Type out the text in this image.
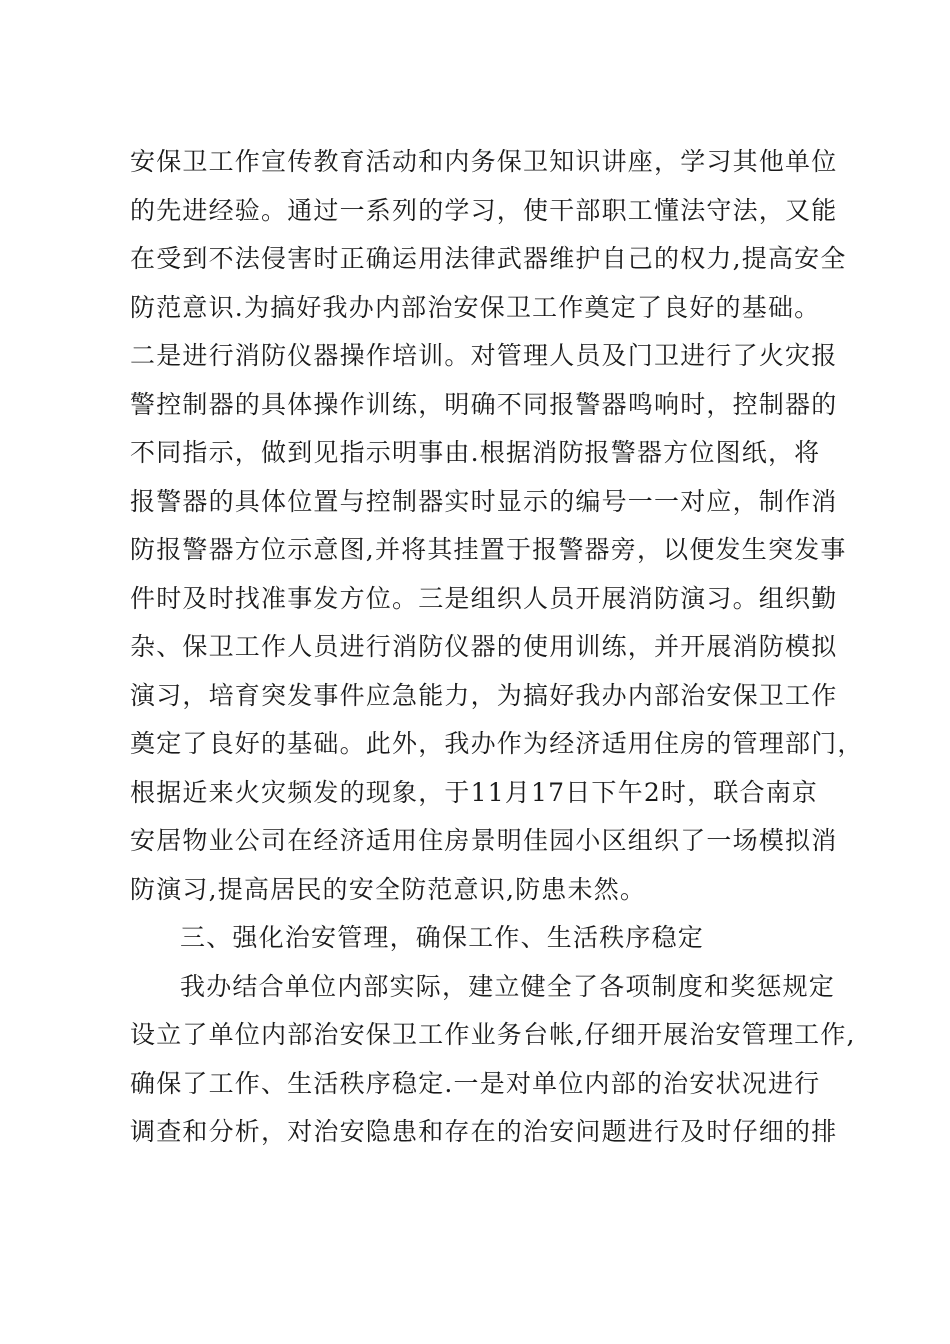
安保卫工作宣传教育活动和内务保卫知识讲座，学习其他单位
的先进经验。通过一系列的学习，使干部职工懂法守法，又能
在受到不法侵害时正确运用法律武器维护自己的权力,提高安全
防范意识.为搞好我办内部治安保卫工作奠定了良好的基础。
二是进行消防仪器操作培训。对管理人员及门卫进行了火灾报
警控制器的具体操作训练，明确不同报警器鸣响时，控制器的
不同指示，做到见指示明事由.根据消防报警器方位图纸，将
报警器的具体位置与控制器实时显示的编号一一对应，制作消
防报警器方位示意图,并将其挂置于报警器旁，以便发生突发事
件时及时找准事发方位。三是组织人员开展消防演习。组织勤
杂、保卫工作人员进行消防仪器的使用训练，并开展消防模拟
演习，培育突发事件应急能力，为搞好我办内部治安保卫工作
奠定了良好的基础。此外，我办作为经济适用住房的管理部门，
根据近来火灾频发的现象，于11月17日下午2时，联合南京
安居物业公司在经济适用住房景明佳园小区组织了一场模拟消
防演习,提高居民的安全防范意识,防患未然。
三、强化治安管理，确保工作、生活秩序稳定
我办结合单位内部实际，建立健全了各项制度和奖惩规定
设立了单位内部治安保卫工作业务台帐,仔细开展治安管理工作,
确保了工作、生活秩序稳定.一是对单位内部的治安状况进行
调查和分析，对治安隐患和存在的治安问题进行及时仔细的排
